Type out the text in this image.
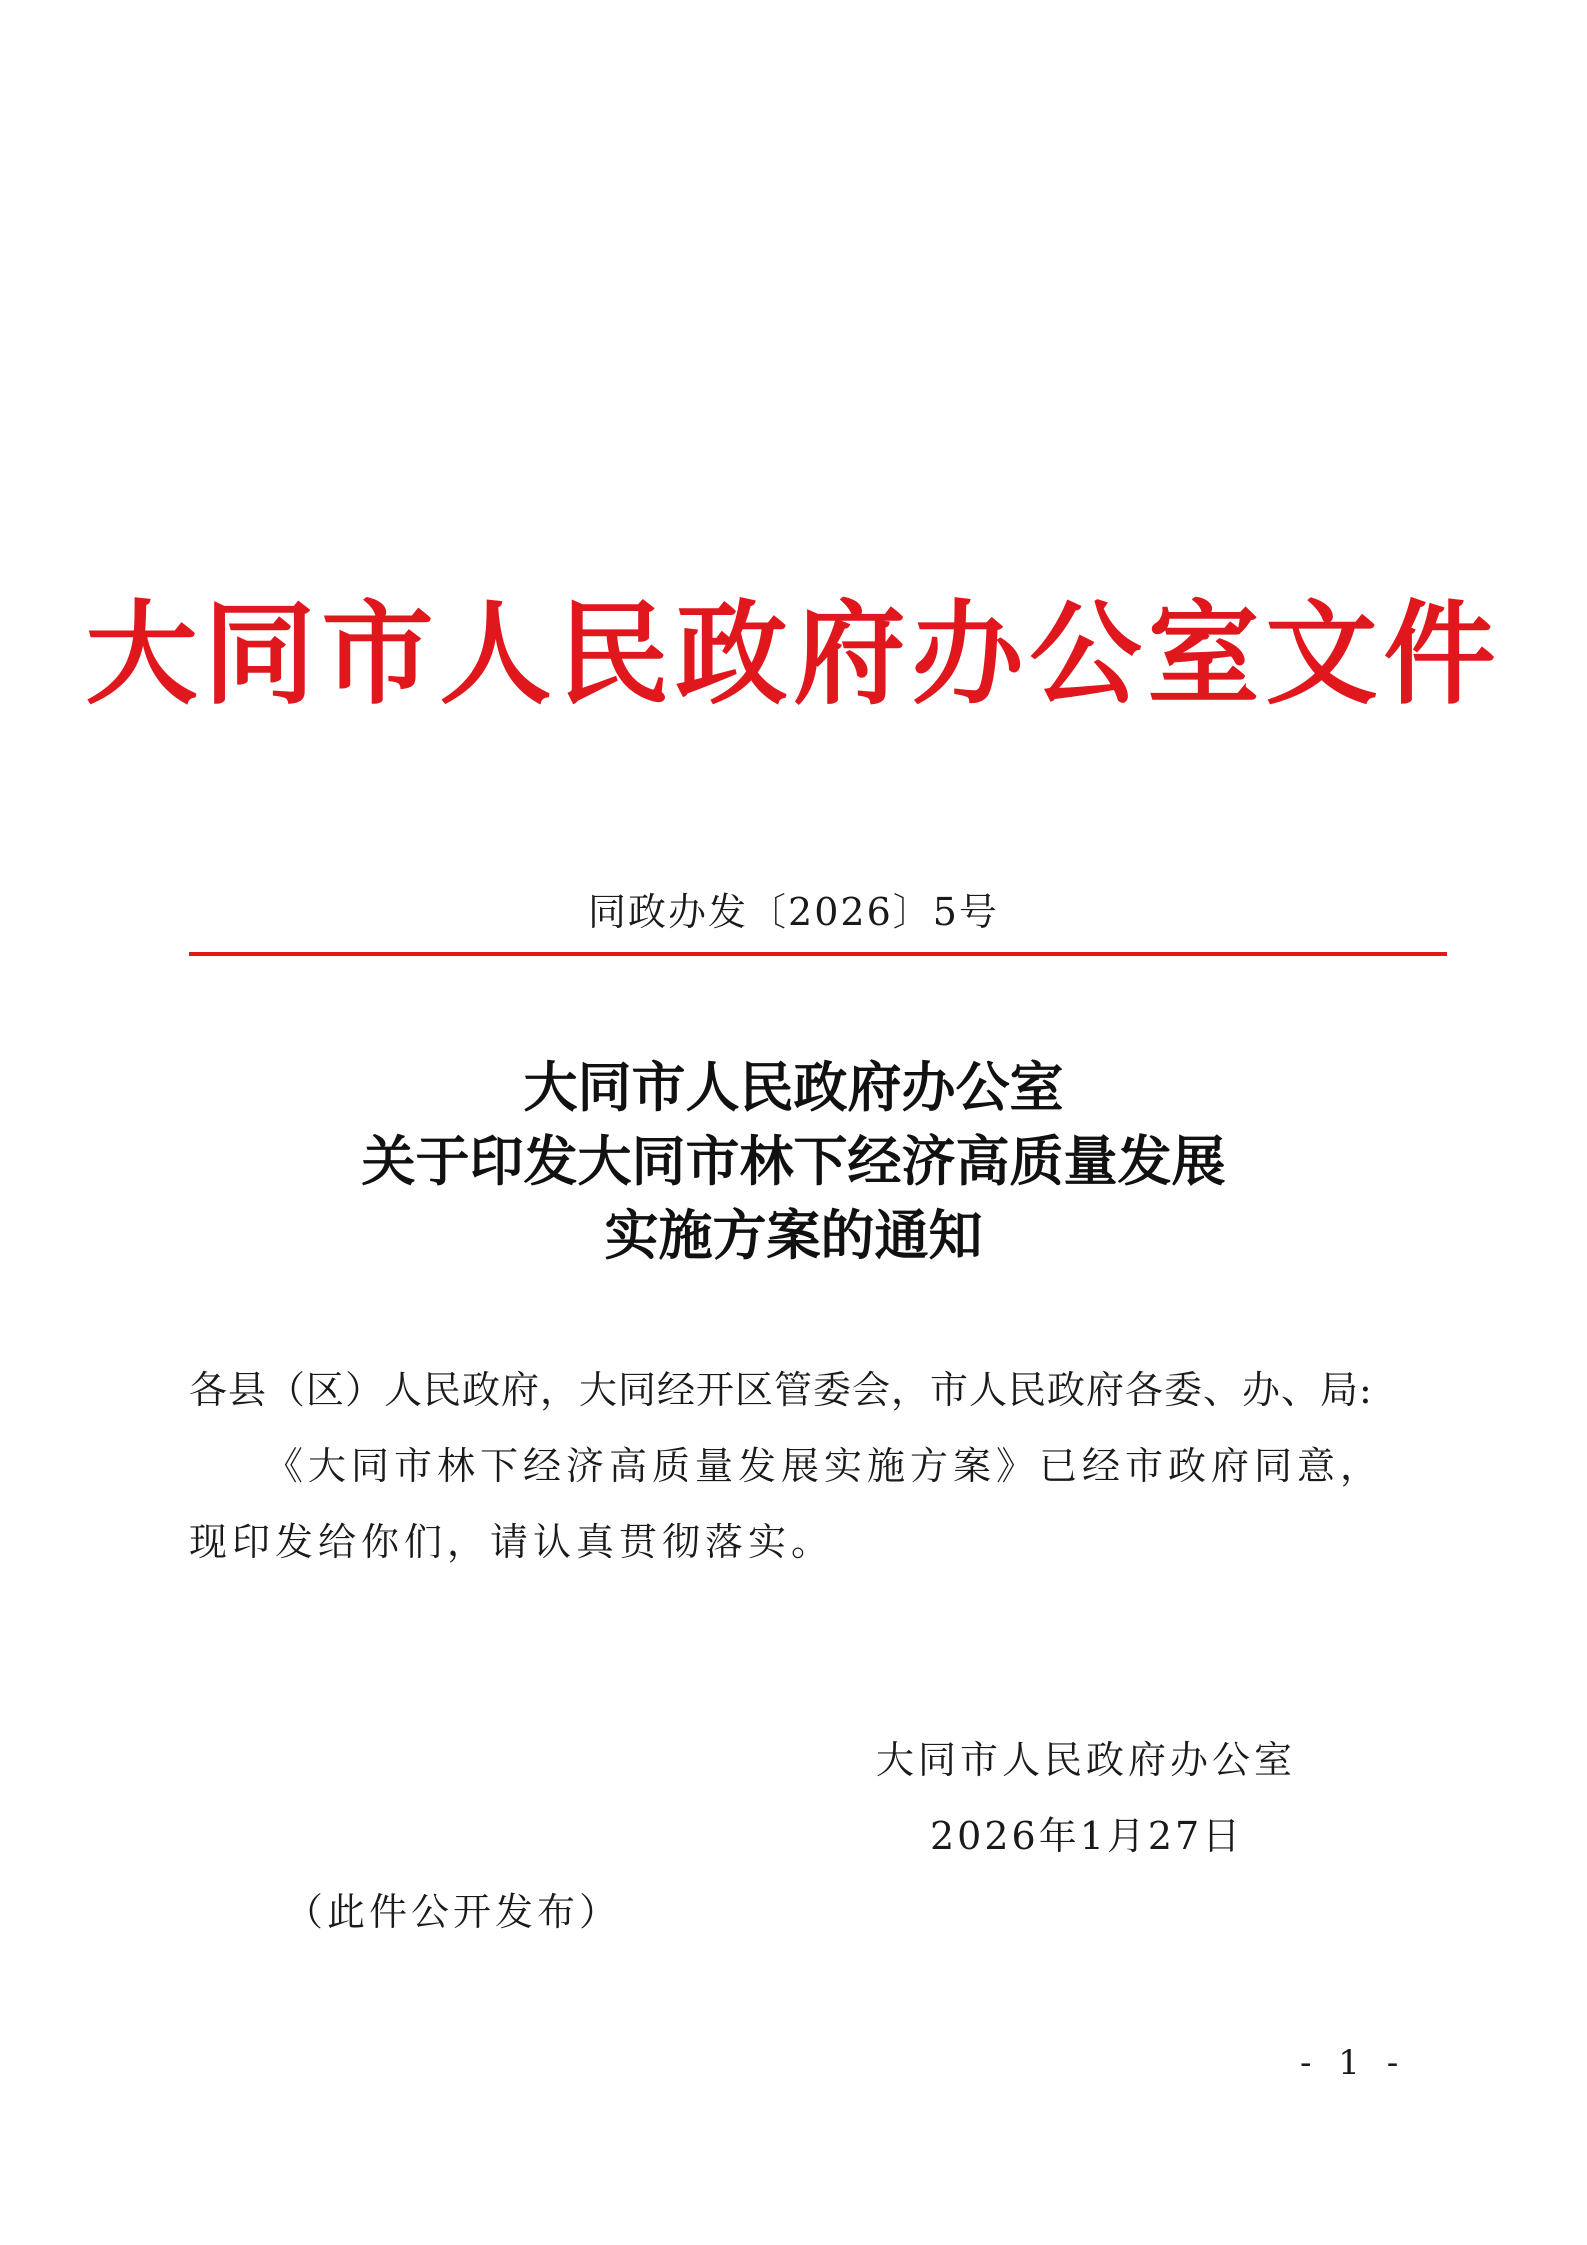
大同市人民政府办公室文件
同政办发〔2026〕5号
大同市人民政府办公室
关于印发大同市林下经济高质量发展
实施方案的通知
各县（区）人民政府，大同经开区管委会，市人民政府各委、办、局:
《大同市林下经济高质量发展实施方案》已经市政府同意，
现印发给你们，请认真贯彻落实。
大同市人民政府办公室
2026年1月27日
（此件公开发布）
- 1 -
